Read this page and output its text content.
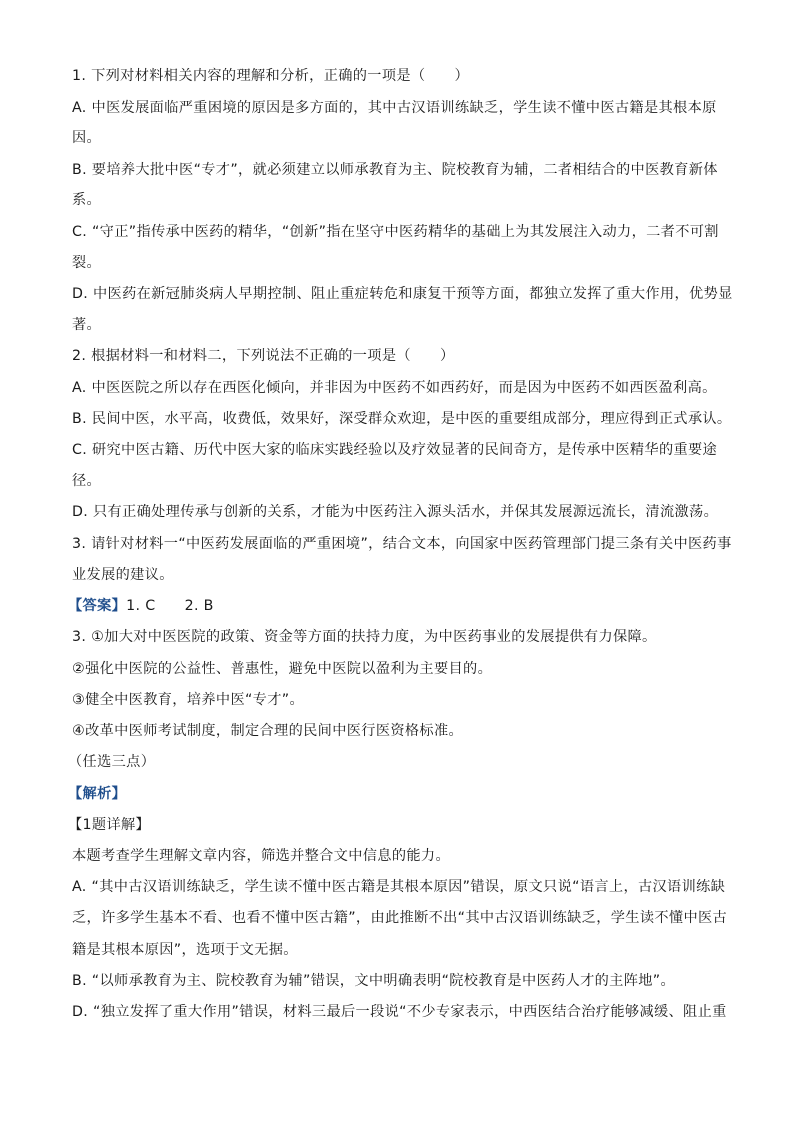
1. 下列对材料相关内容的理解和分析，正确的一项是（　　）

A. 中医发展面临严重困境的原因是多方面的，其中古汉语训练缺乏，学生读不懂中医古籍是其根本原

因。

B. 要培养大批中医“专才”，就必须建立以师承教育为主、院校教育为辅，二者相结合的中医教育新体

系。

C. “守正”指传承中医药的精华，“创新”指在坚守中医药精华的基础上为其发展注入动力，二者不可割

裂。

D. 中医药在新冠肺炎病人早期控制、阻止重症转危和康复干预等方面，都独立发挥了重大作用，优势显

著。

2. 根据材料一和材料二，下列说法不正确的一项是（　　）

A. 中医医院之所以存在西医化倾向，并非因为中医药不如西药好，而是因为中医药不如西医盈利高。

B. 民间中医，水平高，收费低，效果好，深受群众欢迎，是中医的重要组成部分，理应得到正式承认。

C. 研究中医古籍、历代中医大家的临床实践经验以及疗效显著的民间奇方，是传承中医精华的重要途

径。

D. 只有正确处理传承与创新的关系，才能为中医药注入源头活水，并保其发展源远流长，清流激荡。

3. 请针对材料一“中医药发展面临的严重困境”，结合文本，向国家中医药管理部门提三条有关中医药事

业发展的建议。

【答案】1. C　　2. B

3. ①加大对中医医院的政策、资金等方面的扶持力度，为中医药事业的发展提供有力保障。

②强化中医院的公益性、普惠性，避免中医院以盈利为主要目的。

③健全中医教育，培养中医“专才”。

④改革中医师考试制度，制定合理的民间中医行医资格标准。

（任选三点）

【解析】

【1题详解】

本题考查学生理解文章内容，筛选并整合文中信息的能力。

A. “其中古汉语训练缺乏，学生读不懂中医古籍是其根本原因”错误，原文只说“语言上，古汉语训练缺

乏，许多学生基本不看、也看不懂中医古籍”，由此推断不出“其中古汉语训练缺乏，学生读不懂中医古

籍是其根本原因”，选项于文无据。

B. “以师承教育为主、院校教育为辅”错误，文中明确表明“院校教育是中医药人才的主阵地”。

D. “独立发挥了重大作用”错误，材料三最后一段说“不少专家表示，中西医结合治疗能够减缓、阻止重
